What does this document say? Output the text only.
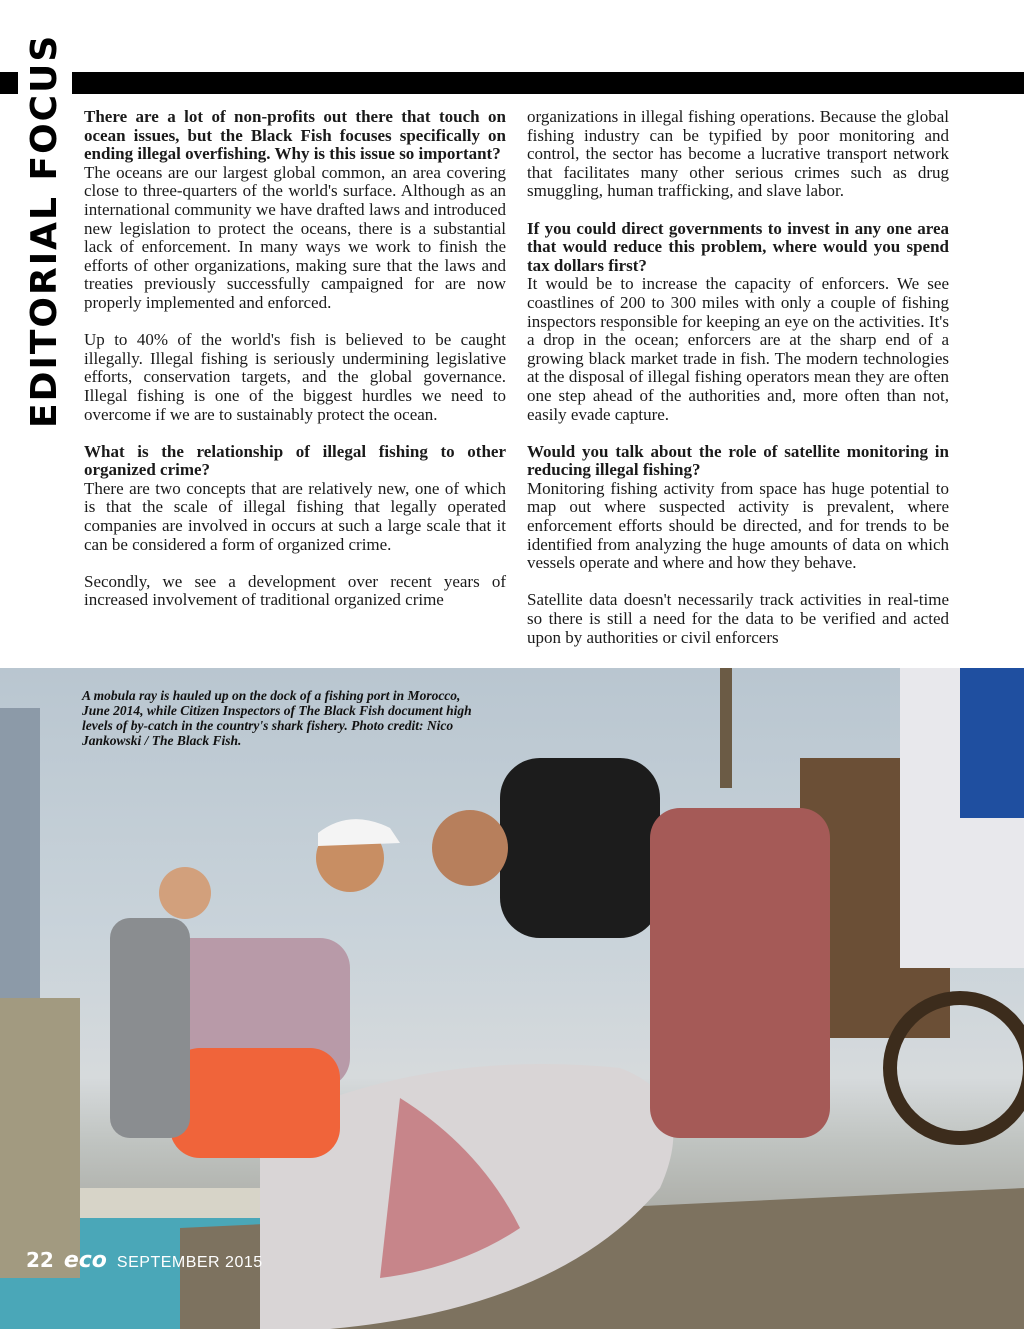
EDITORIAL FOCUS	There are a lot of non-profits out there that touch on ocean issues, but the Black Fish focuses specifically on ending illegal overfishing. Why is this issue so important?

The oceans are our largest global common, an area covering close to three-quarters of the world's surface. Although as an international community we have drafted laws and introduced new legislation to protect the oceans, there is a substantial lack of enforcement. In many ways we work to finish the efforts of other organizations, making sure that the laws and treaties previously successfully campaigned for are now properly implemented and enforced.

Up to 40% of the world's fish is believed to be caught illegally. Illegal fishing is seriously undermining legislative efforts, conservation targets, and the global governance. Illegal fishing is one of the biggest hurdles we need to overcome if we are to sustainably protect the ocean.

What is the relationship of illegal fishing to other organized crime?

There are two concepts that are relatively new, one of which is that the scale of illegal fishing that legally operated companies are involved in occurs at such a large scale that it can be considered a form of organized crime.

Secondly, we see a development over recent years of increased involvement of traditional organized crime

organizations in illegal fishing operations. Because the global fishing industry can be typified by poor monitoring and control, the sector has become a lucrative transport network that facilitates many other serious crimes such as drug smuggling, human trafficking, and slave labor.

If you could direct governments to invest in any one area that would reduce this problem, where would you spend tax dollars first?

It would be to increase the capacity of enforcers. We see coastlines of 200 to 300 miles with only a couple of fishing inspectors responsible for keeping an eye on the activities. It's a drop in the ocean; enforcers are at the sharp end of a growing black market trade in fish. The modern technologies at the disposal of illegal fishing operators mean they are often one step ahead of the authorities and, more often than not, easily evade capture.

Would you talk about the role of satellite monitoring in reducing illegal fishing?

Monitoring fishing activity from space has huge potential to map out where suspected activity is prevalent, where enforcement efforts should be directed, and for trends to be identified from analyzing the huge amounts of data on which vessels operate and where and how they behave.

Satellite data doesn't necessarily track activities in real-time so there is still a need for the data to be verified and acted upon by authorities or civil enforcers

A mobula ray is hauled up on the dock of a fishing port in Morocco, June 2014, while Citizen Inspectors of The Black Fish document high levels of by-catch in the country's shark fishery. Photo credit: Nico Jankowski / The Black Fish.
22 eco SEPTEMBER 2015
